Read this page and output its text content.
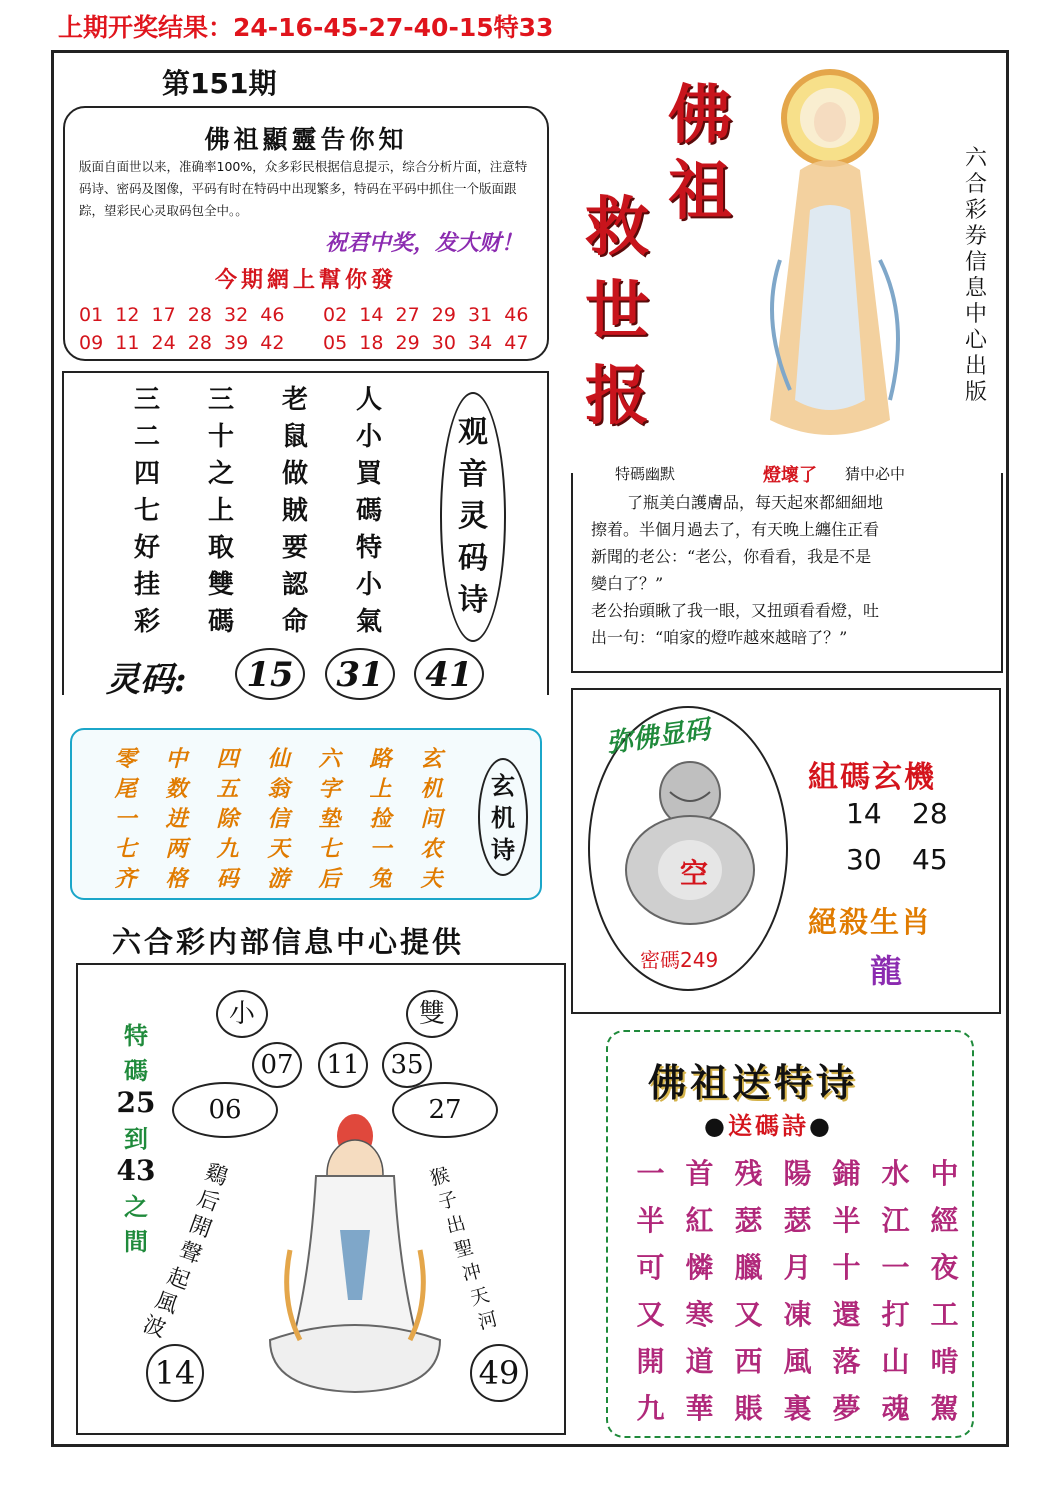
上期开奖结果：24-16-45-27-40-15特33
第151期
佛祖顯靈告你知
版面自面世以来，准确率100%，众多彩民根据信息提示，综合分析片面，注意特码诗、密码及图像，平码有时在特码中出现繁多，特码在平码中抓住一个版面跟踪，望彩民心灵取码包全中。。
祝君中奖，发大财！
今期網上幫你發
01  12  17  28  32  46 02  14  27  29  31  46
09  11  24  28  39  42 05  18  29  30  34  47
佛
祖
救
世
报
六
合
彩
券
信
息
中
心
出
版
三	三	老	人
二	十	鼠	小
四	之	做	買
七	上	賊	碼
好	取	要	特
挂	雙	認	小
彩	碼	命	氣
观
音
灵
码
诗
灵码:	15	31	41
特碼幽默	燈壞了 猜中必中
了瓶美白護膚品，每天起來都細細地
擦着。半個月過去了，有天晚上纏住正看
新聞的老公：“老公，你看看，我是不是
變白了？”
老公抬頭瞅了我一眼，又扭頭看看燈，吐
出一句：“咱家的燈咋越來越暗了？”
零	中	四	仙	六	路	玄
尾	数	五	翁	字	上	机
一	进	除	信	垫	捡	问
七	两	九	天	七	一	农
齐	格	码	游	后	兔	夫
玄
机
诗
弥佛显码
空
密碼249
組碼玄機
14 28
30 45
絕殺生肖
龍
六合彩内部信息中心提供
特
碼
25
到
43
之
間
小	雙
07	11	35
06	27
鷄
后
開
聲
起
風
波
猴
子
出
聖
冲
天
河
14	49
佛祖送特诗
●送碼詩●
一 首 残 陽 鋪 水 中
半 紅 瑟 瑟 半 江 經
可 憐 臘 月 十 一 夜
又 寒 又 凍 還 打 工
開 道 西 風 落 山 啃
九 華 賬 裏 夢 魂 駕
